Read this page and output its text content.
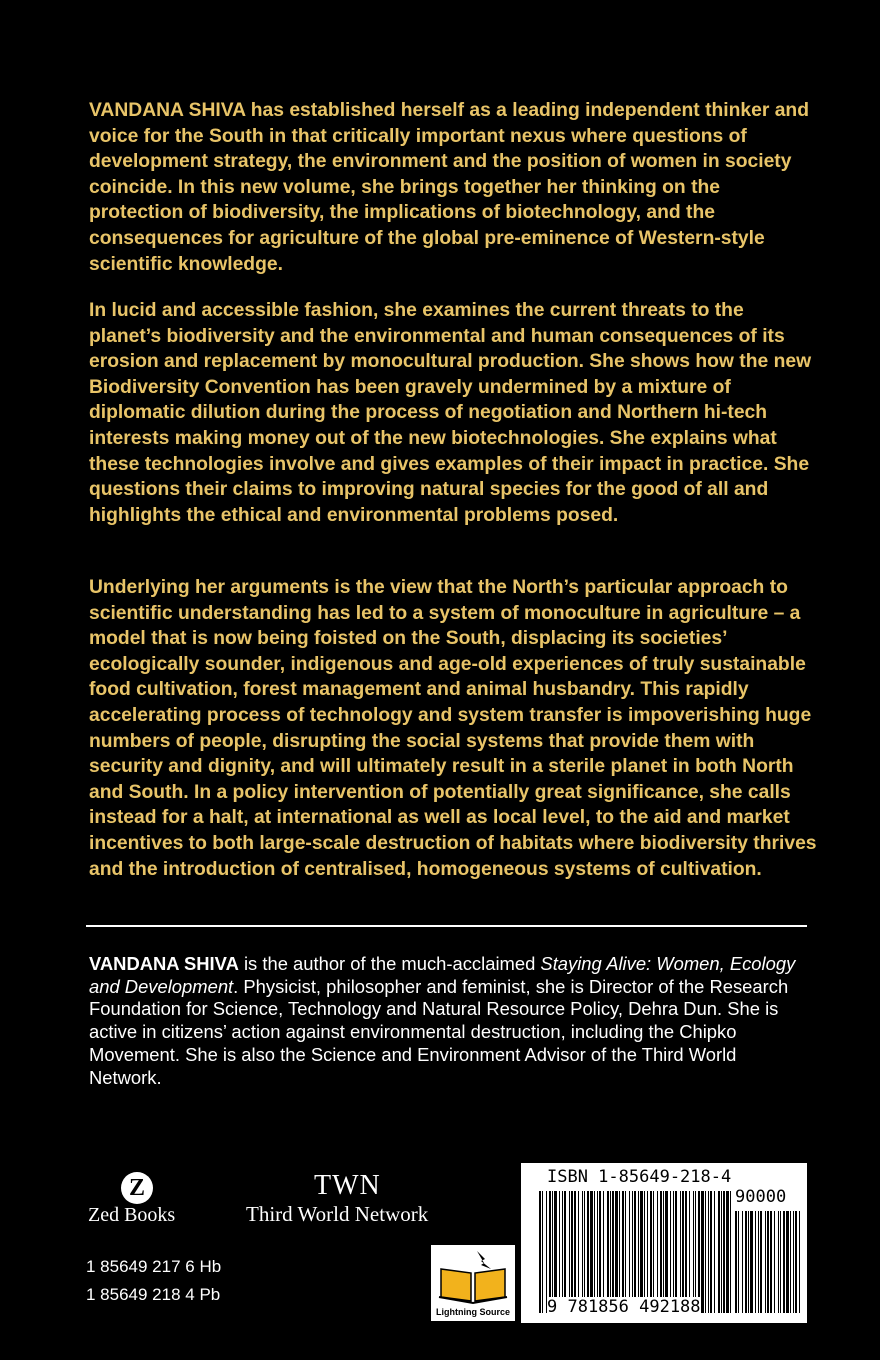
VANDANA SHIVA has established herself as a leading independent thinker and voice for the South in that critically important nexus where questions of development strategy, the environment and the position of women in society coincide. In this new volume, she brings together her thinking on the protection of biodiversity, the implications of biotechnology, and the consequences for agriculture of the global pre-eminence of Western-style scientific knowledge.

In lucid and accessible fashion, she examines the current threats to the planet’s biodiversity and the environmental and human consequences of its erosion and replacement by monocultural production. She shows how the new Biodiversity Convention has been gravely undermined by a mixture of diplomatic dilution during the process of negotiation and Northern hi-tech interests making money out of the new biotechnologies. She explains what these technologies involve and gives examples of their impact in practice. She questions their claims to improving natural species for the good of all and highlights the ethical and environmental problems posed.

Underlying her arguments is the view that the North’s particular approach to scientific understanding has led to a system of monoculture in agriculture – a model that is now being foisted on the South, displacing its societies’ ecologically sounder, indigenous and age-old experiences of truly sustainable food cultivation, forest management and animal husbandry. This rapidly accelerating process of technology and system transfer is impoverishing huge numbers of people, disrupting the social systems that provide them with security and dignity, and will ultimately result in a sterile planet in both North and South. In a policy intervention of potentially great significance, she calls instead for a halt, at international as well as local level, to the aid and market incentives to both large-scale destruction of habitats where biodiversity thrives and the introduction of centralised, homogeneous systems of cultivation.

VANDANA SHIVA is the author of the much-acclaimed Staying Alive: Women, Ecology and Development. Physicist, philosopher and feminist, she is Director of the Research Foundation for Science, Technology and Natural Resource Policy, Dehra Dun. She is active in citizens’ action against environmental destruction, including the Chipko Movement. She is also the Science and Environment Advisor of the Third World Network.

Z
Zed Books
TWN
Third World Network
1 85649 217 6 Hb
1 85649 218 4 Pb
Lightning Source
ISBN 1-85649-218-4
90000
9 781856 492188
